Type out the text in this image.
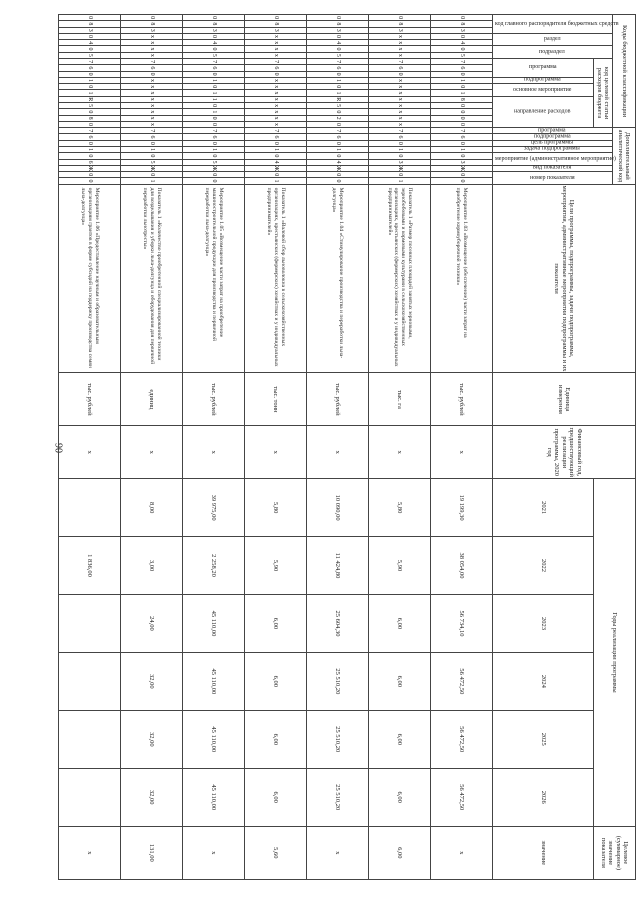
90
Коды бюджетной классификации																		Дополнительный аналитический код									Цели программы, подпрограммы, задачи подпрограммы, мероприятия, административные мероприятия подпрограммы и их показатели	Единица измерения	Финансовый год, предшествующий реализации программы, 2020 год	Годы реализации программы						Целевое (суммарное) значение показателя
код главного распорядителя бюджетных средств			раздел		подраздел		код целевой статьи расходов бюджета											программа	подпрограмма	цель программы	задача подпрограммы	мероприятие (административное мероприятие)		вид показателя	номер показателя											
							программа			подпрограмма	основное мероприятие		направление расходов																	2021	2022	2023	2024	2025	2026	значение
0	8	3	0	4	0	5	7	6	0	1	0	1	8	0	0	0	0	7	6	0	1	0	3	Ж	0	0	Мероприятие 1.03 «Возмещение (обеспечение) части затрат на приобретение кормоуборочной техники»	тыс. рублей	х	19 199,30	38 054,00	56 734,10	56 472,50	56 472,50	56 472,50	х
0	8	3	х	х	х	х	7	6	0	х	х	х	х	х	х	х	х	7	6	0	1	0	3	Ж	0	1	Показатель 1 «Размер посевных площадей занятых зерновыми, зернобобовыми и кормовыми культурами в сельскохозяйственных организациях, крестьянских (фермерских) хозяйствах и у индивидуальных предпринимателей»	тыс. га	х	5,80	5,90	6,00	6,00	6,00	6,00	6,00
0	8	3	0	4	0	5	7	6	0	1	0	1	R	5	0	2	0	7	6	0	1	0	4	Ж	0	0	Мероприятие 1.04 «Стимулирование производства и переработки льна-долгунца»	тыс. рублей	х	10 090,00	11 424,80	25 604,30	25 510,20	25 510,20	25 510,20	х
0	8	3	х	х	х	х	7	6	0	х	х	х	х	х	х	х	х	7	6	0	1	0	4	Ж	0	1	Показатель 1 «Валовой сбор льноволокна в сельскохозяйственных организациях, крестьянских (фермерских) хозяйствах и у индивидуальных предпринимателей»	тыс. тонн	х	5,80	5,90	6,00	6,00	6,00	6,00	5,60
0	8	3	0	4	0	5	7	6	0	1	0	1	1	0	1	0	0	7	6	0	1	0	5	Ж	0	0	Мероприятие 1.05 «Возмещение части затрат на приобретение машиностроительной продукции для производства и первичной переработки льна-долгунца»	тыс. рублей	х	39 975,00	2 258,20	45 110,00	45 110,00	45 110,00	45 110,00	х
0	8	3	х	х	х	х	7	6	0	х	х	х	х	х	х	х	х	7	6	0	1	0	5	Ж	0	1	Показатель 1 «Количество приобретенной специализированной техники для возделывания и уборки льна-долгунца и оборудования для первичной переработки льнотресты»	единиц	х	8,00	3,00	24,00	32,00	32,00	32,00	131,00
0	8	3	0	4	0	5	7	6	0	1	0	1	R	5	0	8	0	7	6	0	1	0	6	Ж	0	0	Мероприятие 1.06 «Предоставление научным и образовательным организациям грантов в форме субсидий на поддержку производства семян льна-долгунца»	тыс. рублей	х		1 836,00					х
